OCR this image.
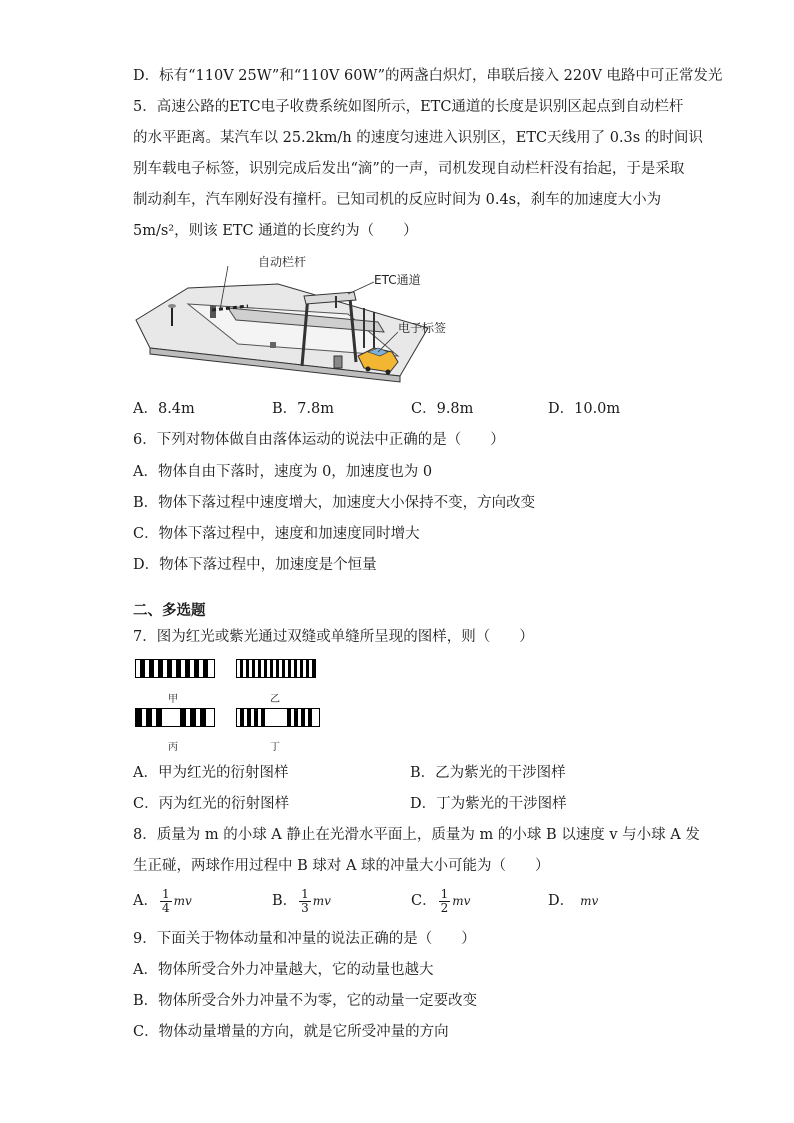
D．标有“110V 25W”和“110V 60W”的两盏白炽灯，串联后接入 220V 电路中可正常发光
5．高速公路的ETC电子收费系统如图所示，ETC通道的长度是识别区起点到自动栏杆
的水平距离。某汽车以 25.2km/h 的速度匀速进入识别区，ETC天线用了 0.3s 的时间识
别车载电子标签，识别完成后发出“滴”的一声，司机发现自动栏杆没有抬起，于是采取
制动刹车，汽车刚好没有撞杆。已知司机的反应时间为 0.4s，刹车的加速度大小为
5m/s²，则该 ETC 通道的长度约为（　　）
自动栏杆
ETC通道
电子标签
A．8.4m	B．7.8m	C．9.8m	D．10.0m
6．下列对物体做自由落体运动的说法中正确的是（　　）
A．物体自由下落时，速度为 0，加速度也为 0
B．物体下落过程中速度增大，加速度大小保持不变，方向改变
C．物体下落过程中，速度和加速度同时增大
D．物体下落过程中，加速度是个恒量
二、多选题
7．图为红光或紫光通过双缝或单缝所呈现的图样，则（　　）
甲	乙
丙	丁
A．甲为红光的衍射图样	B．乙为紫光的干涉图样
C．丙为红光的衍射图样	D．丁为紫光的干涉图样
8．质量为 m 的小球 A 静止在光滑水平面上，质量为 m 的小球 B 以速度 v 与小球 A 发
生正碰，两球作用过程中 B 球对 A 球的冲量大小可能为（　　）
A． $\frac{1}{4}$ mv	B． $\frac{1}{3}$ mv	C． $\frac{1}{2}$ mv	D． mv
9．下面关于物体动量和冲量的说法正确的是（　　）
A．物体所受合外力冲量越大，它的动量也越大
B．物体所受合外力冲量不为零，它的动量一定要改变
C．物体动量增量的方向，就是它所受冲量的方向
